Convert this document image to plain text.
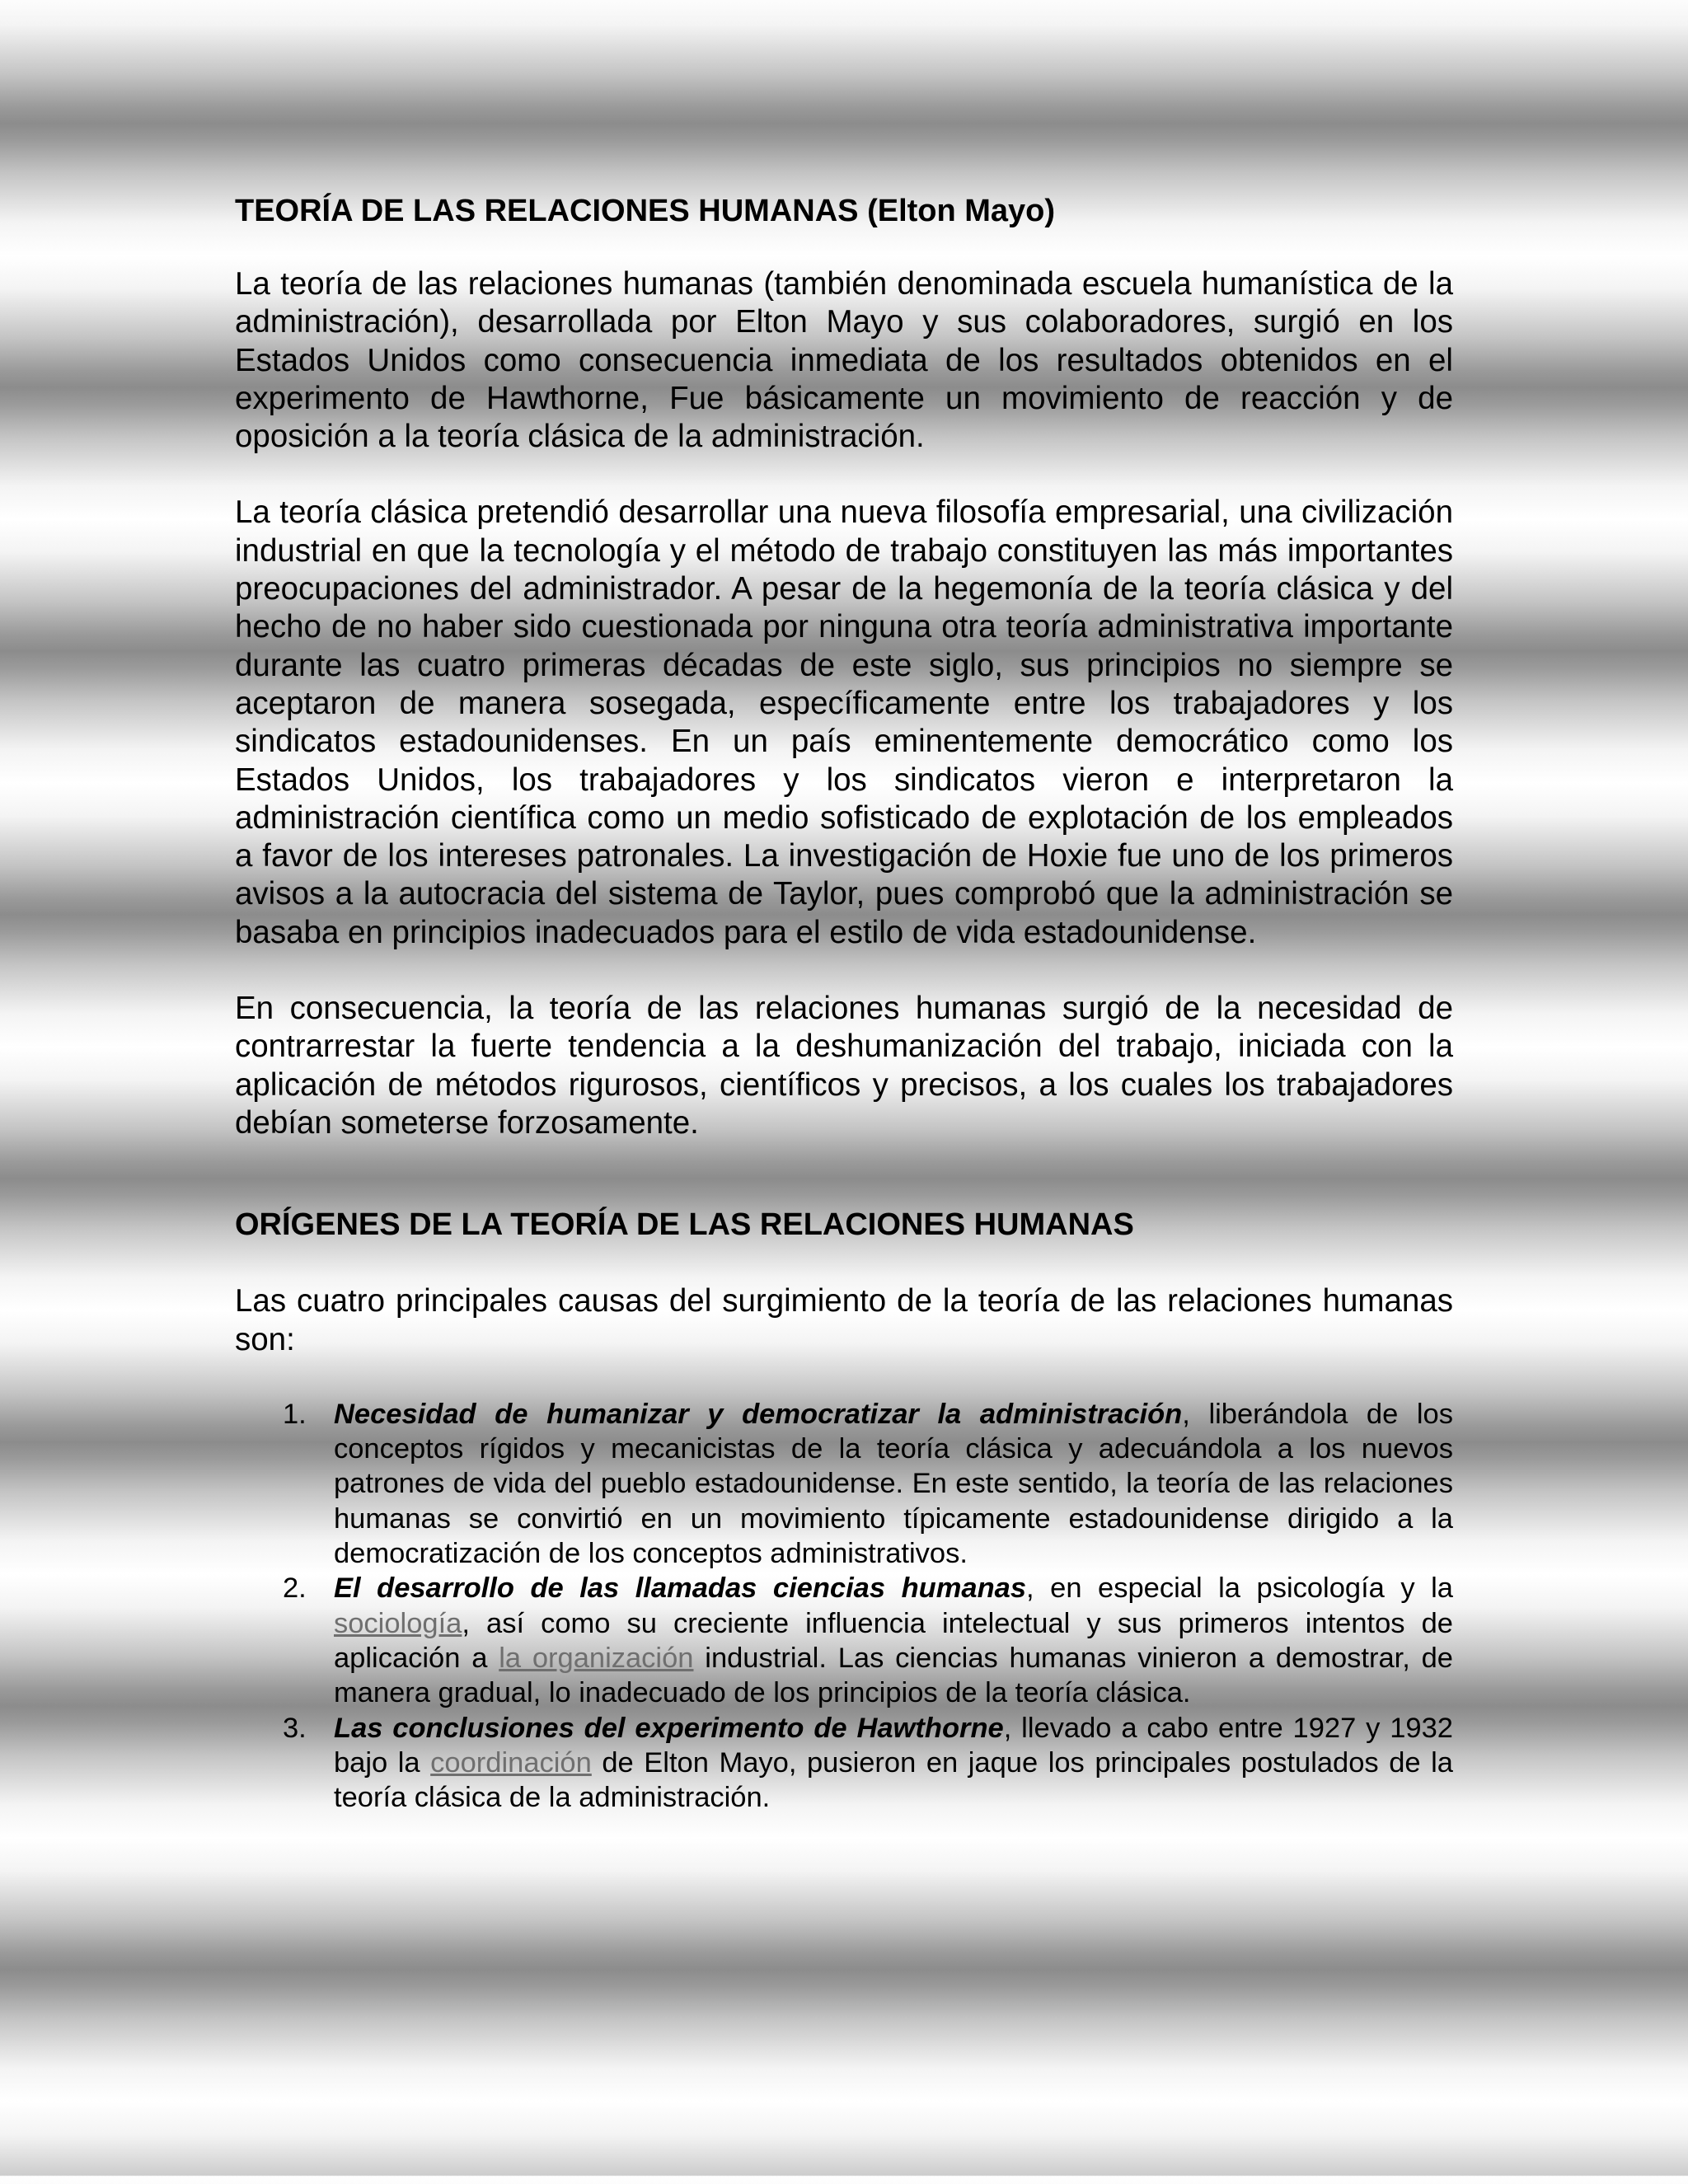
TEORÍA DE LAS RELACIONES HUMANAS (Elton Mayo)

La teoría de las relaciones humanas (también denominada escuela humanística de la administración), desarrollada por Elton Mayo y sus colaboradores, surgió en los Estados Unidos como consecuencia inmediata de los resultados obtenidos en el experimento de Hawthorne, Fue básicamente un movimiento de reacción y de oposición a la teoría clásica de la administración.

La teoría clásica pretendió desarrollar una nueva filosofía empresarial, una civilización industrial en que la tecnología y el método de trabajo constituyen las más importantes preocupaciones del administrador. A pesar de la hegemonía de la teoría clásica y del hecho de no haber sido cuestionada por ninguna otra teoría administrativa importante durante las cuatro primeras décadas de este siglo, sus principios no siempre se aceptaron de manera sosegada, específicamente entre los trabajadores y los sindicatos estadounidenses. En un país eminentemente democrático como los Estados Unidos, los trabajadores y los sindicatos vieron e interpretaron la administración científica como un medio sofisticado de explotación de los empleados a favor de los intereses patronales. La investigación de Hoxie fue uno de los primeros avisos a la autocracia del sistema de Taylor, pues comprobó que la administración se basaba en principios inadecuados para el estilo de vida estadounidense.

En consecuencia, la teoría de las relaciones humanas surgió de la necesidad de contrarrestar la fuerte tendencia a la deshumanización del trabajo, iniciada con la aplicación de métodos rigurosos, científicos y precisos, a los cuales los trabajadores debían someterse forzosamente.

ORÍGENES DE LA TEORÍA DE LAS RELACIONES HUMANAS

Las cuatro principales causas del surgimiento de la teoría de las relaciones humanas son:

1. Necesidad de humanizar y democratizar la administración, liberándola de los conceptos rígidos y mecanicistas de la teoría clásica y adecuándola a los nuevos patrones de vida del pueblo estadounidense. En este sentido, la teoría de las relaciones humanas se convirtió en un movimiento típicamente estadounidense dirigido a la democratización de los conceptos administrativos.
2. El desarrollo de las llamadas ciencias humanas, en especial la psicología y la sociología, así como su creciente influencia intelectual y sus primeros intentos de aplicación a la organización industrial. Las ciencias humanas vinieron a demostrar, de manera gradual, lo inadecuado de los principios de la teoría clásica.
3. Las conclusiones del experimento de Hawthorne, llevado a cabo entre 1927 y 1932 bajo la coordinación de Elton Mayo, pusieron en jaque los principales postulados de la teoría clásica de la administración.
